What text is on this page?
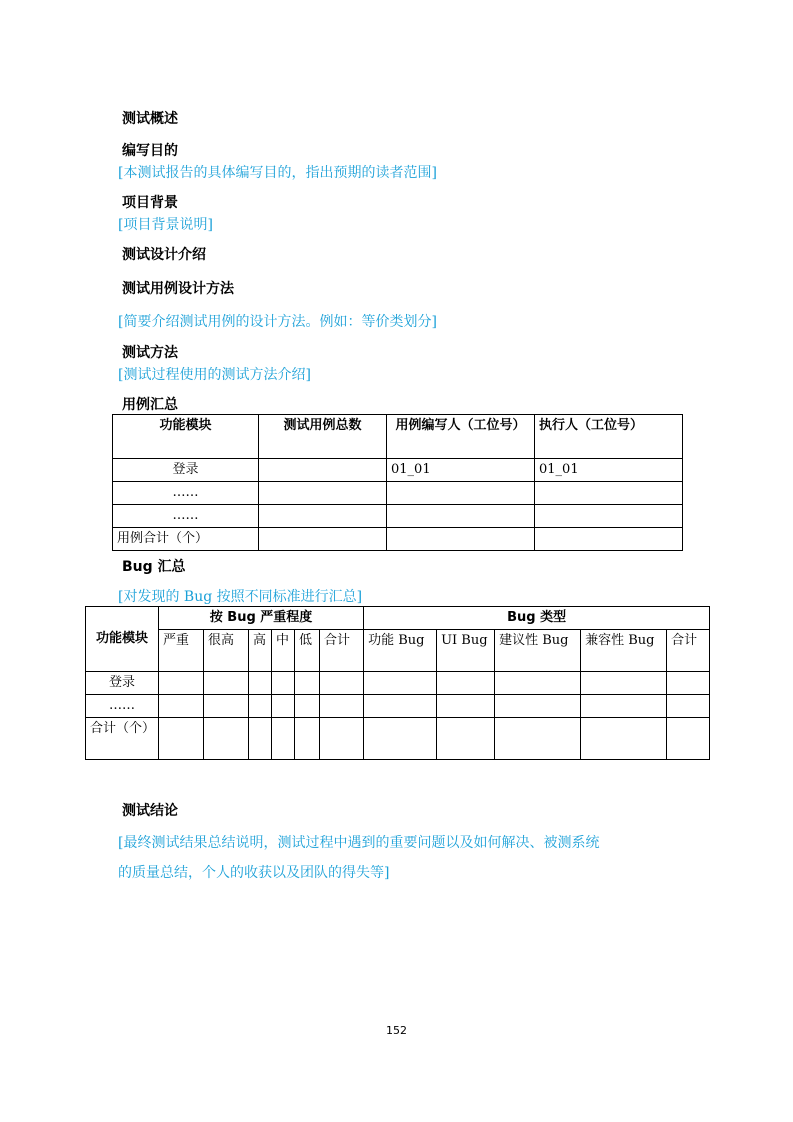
测试概述
编写目的
[本测试报告的具体编写目的，指出预期的读者范围]
项目背景
[项目背景说明]
测试设计介绍
测试用例设计方法
[简要介绍测试用例的设计方法。例如：等价类划分]
测试方法
[测试过程使用的测试方法介绍]
用例汇总
功能模块	测试用例总数	用例编写人（工位号）	执行人（工位号）
登录		01_01	01_01
……			
……			
用例合计（个）			
Bug 汇总
[对发现的 Bug 按照不同标准进行汇总]
功能模块	按 Bug 严重程度						Bug 类型				
	严重	很高	高	中	低	合计	功能 Bug	UI Bug	建议性 Bug	兼容性 Bug	合计
登录											
……											
合计（个）											
测试结论
[最终测试结果总结说明，测试过程中遇到的重要问题以及如何解决、被测系统
的质量总结，个人的收获以及团队的得失等]
152
